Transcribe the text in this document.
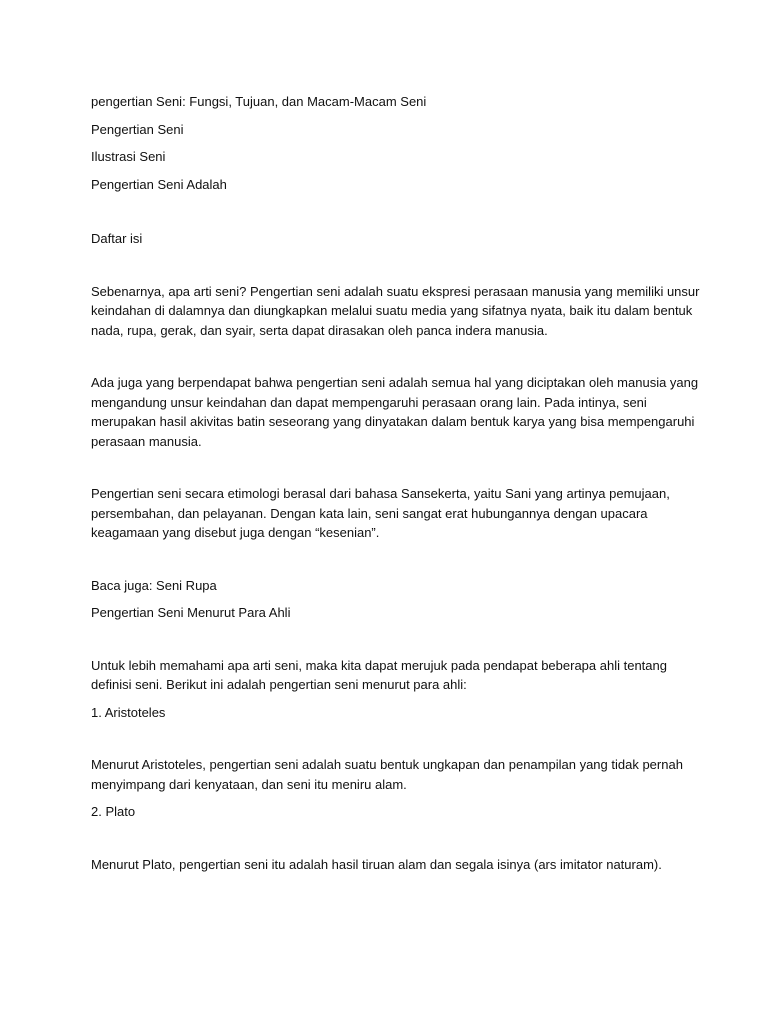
pengertian Seni: Fungsi, Tujuan, dan Macam-Macam Seni

Pengertian Seni

Ilustrasi Seni

Pengertian Seni Adalah

Daftar isi

Sebenarnya, apa arti seni? Pengertian seni adalah suatu ekspresi perasaan manusia yang memiliki unsur

keindahan di dalamnya dan diungkapkan melalui suatu media yang sifatnya nyata, baik itu dalam bentuk

nada, rupa, gerak, dan syair, serta dapat dirasakan oleh panca indera manusia.

Ada juga yang berpendapat bahwa pengertian seni adalah semua hal yang diciptakan oleh manusia yang

mengandung unsur keindahan dan dapat mempengaruhi perasaan orang lain. Pada intinya, seni

merupakan hasil akivitas batin seseorang yang dinyatakan dalam bentuk karya yang bisa mempengaruhi

perasaan manusia.

Pengertian seni secara etimologi berasal dari bahasa Sansekerta, yaitu Sani yang artinya pemujaan,

persembahan, dan pelayanan. Dengan kata lain, seni sangat erat hubungannya dengan upacara

keagamaan yang disebut juga dengan “kesenian”.

Baca juga: Seni Rupa

Pengertian Seni Menurut Para Ahli

Untuk lebih memahami apa arti seni, maka kita dapat merujuk pada pendapat beberapa ahli tentang

definisi seni. Berikut ini adalah pengertian seni menurut para ahli:

1. Aristoteles

Menurut Aristoteles, pengertian seni adalah suatu bentuk ungkapan dan penampilan yang tidak pernah

menyimpang dari kenyataan, dan seni itu meniru alam.

2. Plato

Menurut Plato, pengertian seni itu adalah hasil tiruan alam dan segala isinya (ars imitator naturam).
